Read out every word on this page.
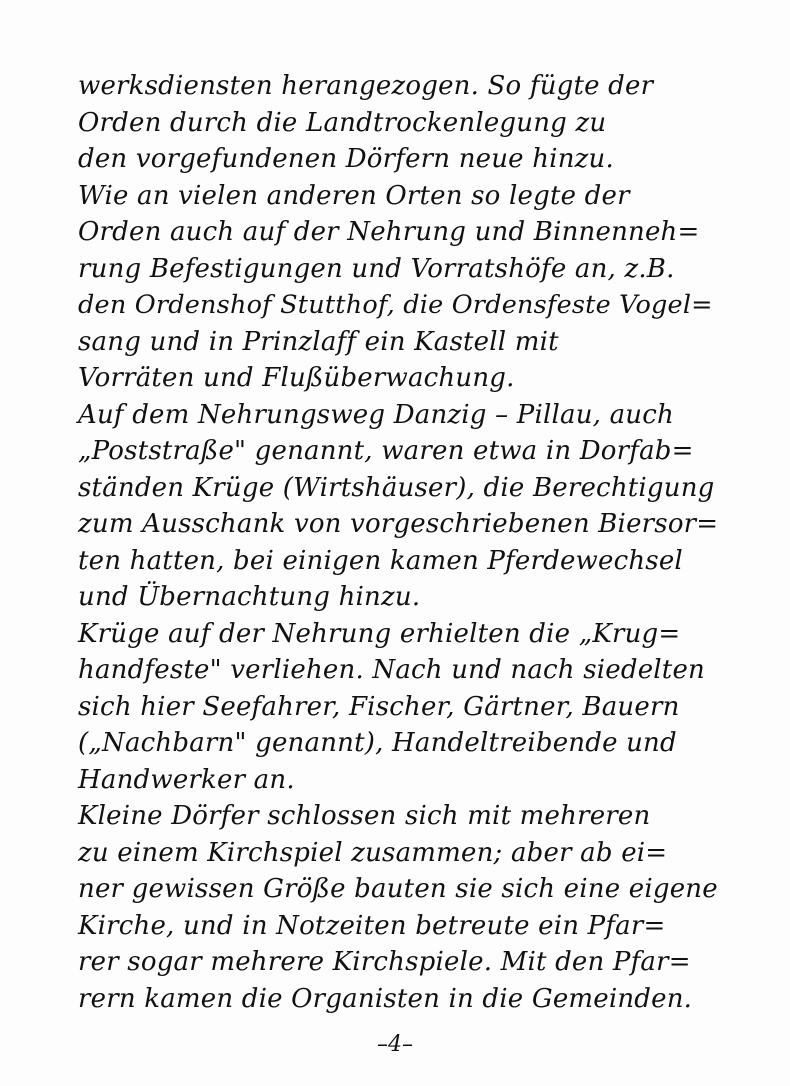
werksdiensten herangezogen. So fügte der
Orden durch die Landtrockenlegung zu
den vorgefundenen Dörfern neue hinzu.
Wie an vielen anderen Orten so legte der
Orden auch auf der Nehrung und Binnenneh=
rung Befestigungen und Vorratshöfe an, z.B.
den Ordenshof Stutthof, die Ordensfeste Vogel=
sang und in Prinzlaff ein Kastell mit
Vorräten und Flußüberwachung.
Auf dem Nehrungsweg Danzig – Pillau, auch
„Poststraße" genannt, waren etwa in Dorfab=
ständen Krüge (Wirtshäuser), die Berechtigung
zum Ausschank von vorgeschriebenen Biersor=
ten hatten, bei einigen kamen Pferdewechsel
und Übernachtung hinzu.
Krüge auf der Nehrung erhielten die „Krug=
handfeste" verliehen. Nach und nach siedelten
sich hier Seefahrer, Fischer, Gärtner, Bauern
(„Nachbarn" genannt), Handeltreibende und
Handwerker an.
Kleine Dörfer schlossen sich mit mehreren
zu einem Kirchspiel zusammen; aber ab ei=
ner gewissen Größe bauten sie sich eine eigene
Kirche, und in Notzeiten betreute ein Pfar=
rer sogar mehrere Kirchspiele. Mit den Pfar=
rern kamen die Organisten in die Gemeinden.
–4–
